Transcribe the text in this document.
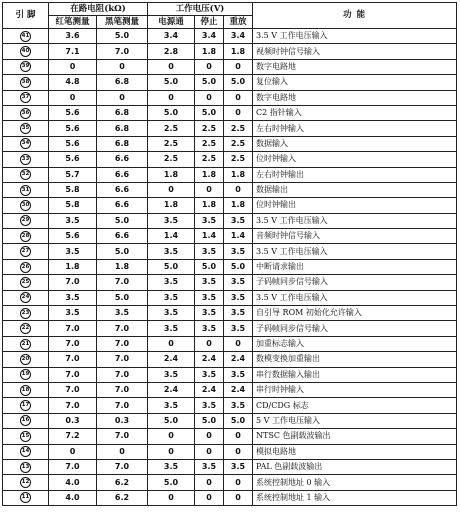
引 脚	在路电阻(kΩ)		工作电压(V)			功 能
	红笔测量	黑笔测量	电源通	停止	重放	
41	3.6	5.0	3.4	3.4	3.4	3.5 V 工作电压输入
40	7.1	7.0	2.8	1.8	1.8	视频时钟信号输入
39	0	0	0	0	0	数字电路地
38	4.8	6.8	5.0	5.0	5.0	复位输入
37	0	0	0	0	0	数字电路地
36	5.6	6.8	5.0	5.0	0	C2 指针输入
35	5.6	6.8	2.5	2.5	2.5	左右时钟输入
34	5.6	6.8	2.5	2.5	2.5	数据输入
33	5.6	6.6	2.5	2.5	2.5	位时钟输入
32	5.7	6.6	1.8	1.8	1.8	左右时钟输出
31	5.8	6.6	0	0	0	数据输出
30	5.8	6.6	1.8	1.8	1.8	位时钟输出
29	3.5	5.0	3.5	3.5	3.5	3.5 V 工作电压输入
28	5.6	6.6	1.4	1.4	1.4	音频时钟信号输入
27	3.5	5.0	3.5	3.5	3.5	3.5 V 工作电压输入
26	1.8	1.8	5.0	5.0	5.0	中断请求输出
25	7.0	7.0	3.5	3.5	3.5	子码帧同步信号输入
24	3.5	5.0	3.5	3.5	3.5	3.5 V 工作电压输入
23	3.5	3.5	3.5	3.5	3.5	自引导 ROM 初始化允许输入
22	7.0	7.0	3.5	3.5	3.5	子码帧同步信号输入
21	7.0	7.0	0	0	0	加重标志输入
20	7.0	7.0	2.4	2.4	2.4	数模变换加重输出
19	7.0	7.0	3.5	3.5	3.5	串行数据输入输出
18	7.0	7.0	2.4	2.4	2.4	串行时钟输入
17	7.0	7.0	3.5	3.5	3.5	CD/CDG 标志
16	0.3	0.3	5.0	5.0	5.0	5 V 工作电压输入
15	7.2	7.0	0	0	0	NTSC 色副载波输出
14	0	0	0	0	0	模拟电路地
13	7.0	7.0	3.5	3.5	3.5	PAL 色副载波输出
12	4.0	6.2	5.0	0	0	系统控制地址 0 输入
11	4.0	6.2	0	0	0	系统控制地址 1 输入
